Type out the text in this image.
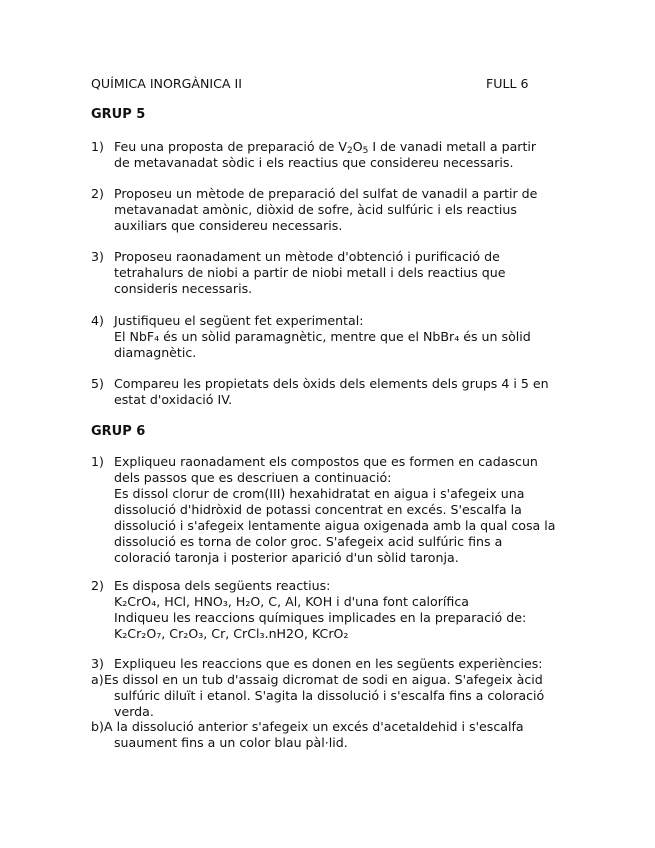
QUÍMICA INORGÀNICA II	FULL 6
GRUP 5
1) Feu una proposta de preparació de $V_2O_5$ I de vanadi metall a partir
de metavanadat sòdic i els reactius que considereu necessaris.
2) Proposeu un mètode de preparació del sulfat de vanadil a partir de
metavanadat amònic, diòxid de sofre, àcid sulfúric i els reactius
auxiliars que considereu necessaris.
3) Proposeu raonadament un mètode d'obtenció i purificació de
tetrahalurs de niobi a partir de niobi metall i dels reactius que
consideris necessaris.
4) Justifiqueu el següent fet experimental:
El NbF₄ és un sòlid paramagnètic, mentre que el NbBr₄ és un sòlid
diamagnètic.
5) Compareu les propietats dels òxids dels elements dels grups 4 i 5 en
estat d'oxidació IV.
GRUP 6
1) Expliqueu raonadament els compostos que es formen en cadascun
dels passos que es descriuen a continuació:
Es dissol clorur de crom(III) hexahidratat en aigua i s'afegeix una
dissolució d'hidròxid de potassi concentrat en excés. S'escalfa la
dissolució i s'afegeix lentamente aigua oxigenada amb la qual cosa la
dissolució es torna de color groc. S'afegeix acid sulfúric fins a
coloració taronja i posterior aparició d'un sòlid taronja.
2) Es disposa dels següents reactius:
K₂CrO₄, HCl, HNO₃, H₂O, C, Al, KOH i d'una font calorífica
Indiqueu les reaccions químiques implicades en la preparació de:
K₂Cr₂O₇, Cr₂O₃, Cr, CrCl₃.nH2O, KCrO₂
3) Expliqueu les reaccions que es donen en les següents experiències:
a) Es dissol en un tub d'assaig dicromat de sodi en aigua. S'afegeix àcid
sulfúric diluït i etanol. S'agita la dissolució i s'escalfa fins a coloració
verda.
b) A la dissolució anterior s'afegeix un excés d'acetaldehid i s'escalfa
suaument fins a un color blau pàl·lid.
